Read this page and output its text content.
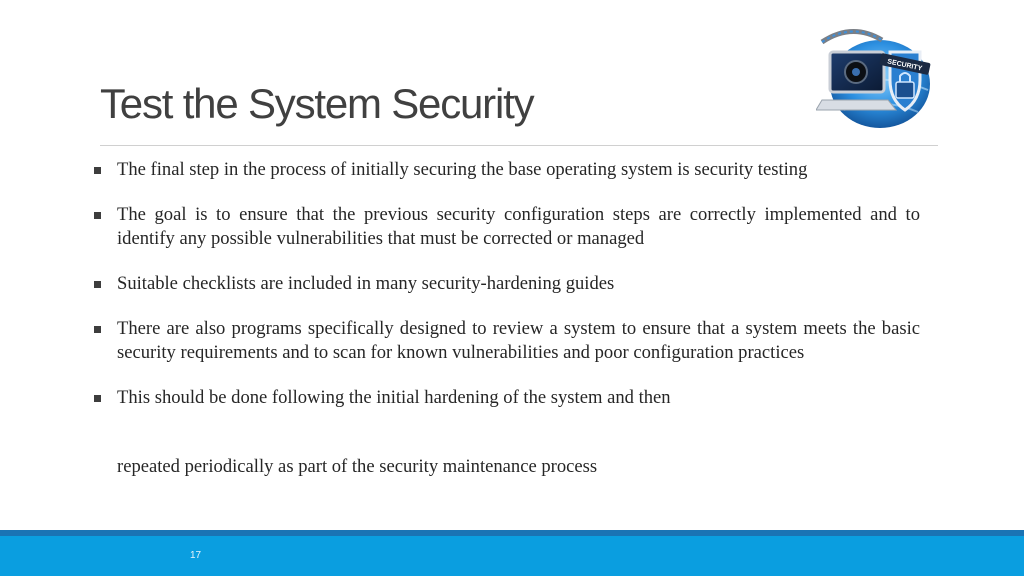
Test the System Security
SECURITY
The final step in the process of initially securing the base operating system is security testing
The goal is to ensure that the previous security configuration steps are correctly implemented and to identify any possible vulnerabilities that must be corrected or managed
Suitable checklists are included in many security-hardening guides
There are also programs specifically designed to review a system to ensure that a system meets the basic security requirements and to scan for known vulnerabilities and poor configuration practices
This should be done following the initial hardening of the system and then

repeated periodically as part of the security maintenance process

17
